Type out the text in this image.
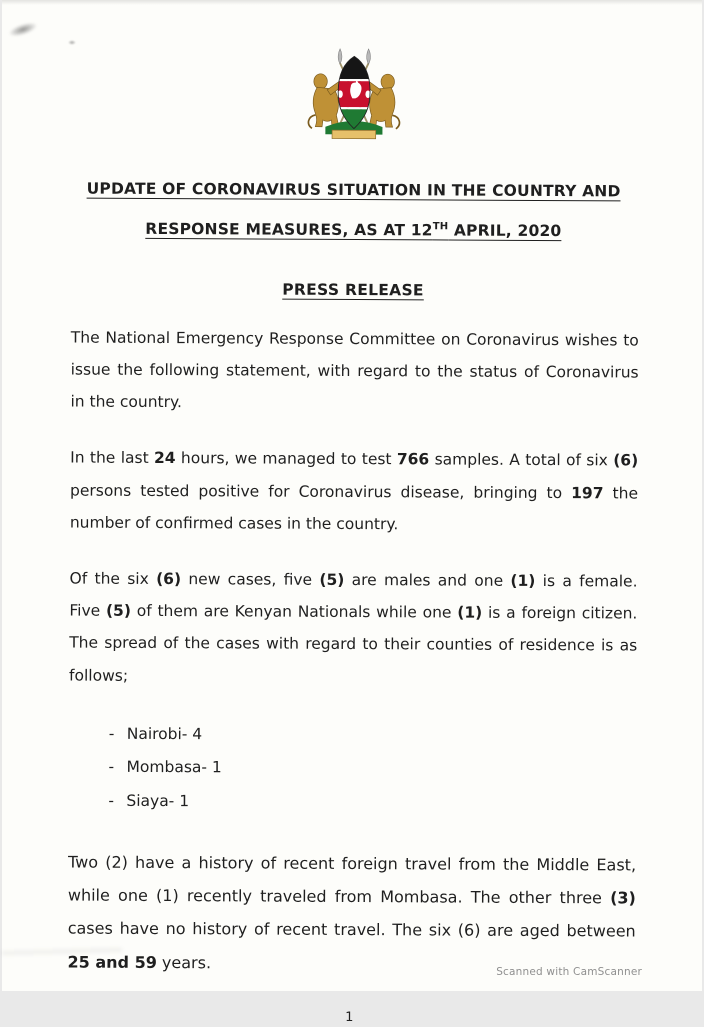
UPDATE OF CORONAVIRUS SITUATION IN THE COUNTRY AND
RESPONSE MEASURES, AS AT 12TH APRIL, 2020
PRESS RELEASE

The National Emergency Response Committee on Coronavirus wishes to issue the following statement, with regard to the status of Coronavirus in the country.

In the last 24 hours, we managed to test 766 samples. A total of six (6) persons tested positive for Coronavirus disease, bringing to 197 the number of confirmed cases in the country.

Of the six (6) new cases, five (5) are males and one (1) is a female. Five (5) of them are Kenyan Nationals while one (1) is a foreign citizen. The spread of the cases with regard to their counties of residence is as follows;

- Nairobi- 4
- Mombasa- 1
- Siaya- 1

Two (2) have a history of recent foreign travel from the Middle East, while one (1) recently traveled from Mombasa. The other three (3) cases have no history of recent travel. The six (6) are aged between 25 and 59 years.

1
Scanned with CamScanner
